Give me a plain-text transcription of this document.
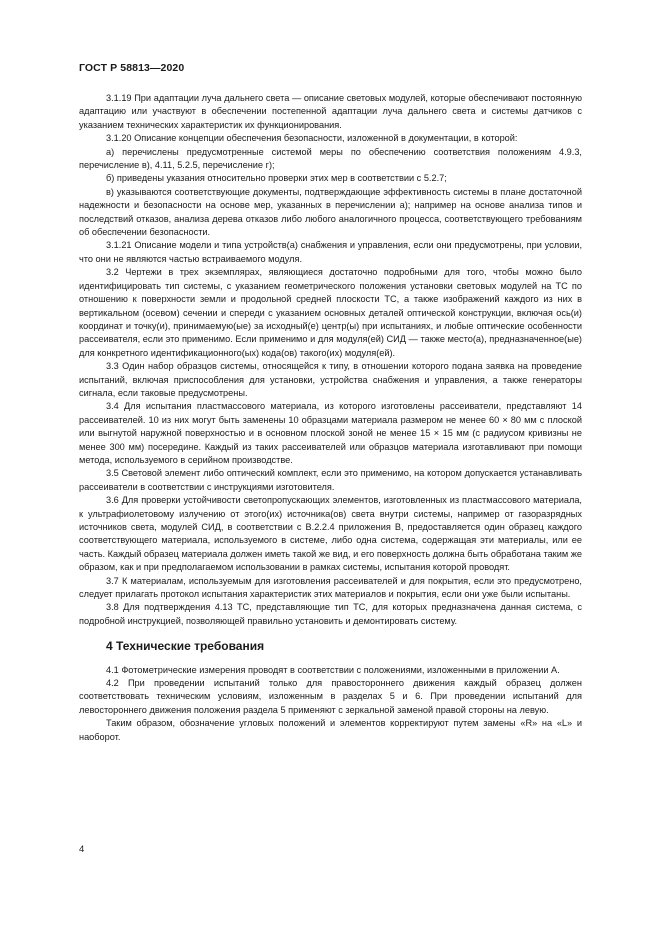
ГОСТ Р 58813—2020

3.1.19 При адаптации луча дальнего света — описание световых модулей, которые обеспечивают постоянную адаптацию или участвуют в обеспечении постепенной адаптации луча дальнего света и системы датчиков с указанием технических характеристик их функционирования.

3.1.20 Описание концепции обеспечения безопасности, изложенной в документации, в которой:

а) перечислены предусмотренные системой меры по обеспечению соответствия положениям 4.9.3, перечисление в), 4.11, 5.2.5, перечисление г);

б) приведены указания относительно проверки этих мер в соответствии с 5.2.7;

в) указываются соответствующие документы, подтверждающие эффективность системы в плане достаточной надежности и безопасности на основе мер, указанных в перечислении а); например на основе анализа типов и последствий отказов, анализа дерева отказов либо любого аналогичного процесса, соответствующего требованиям об обеспечении безопасности.

3.1.21 Описание модели и типа устройств(а) снабжения и управления, если они предусмотрены, при условии, что они не являются частью встраиваемого модуля.

3.2 Чертежи в трех экземплярах, являющиеся достаточно подробными для того, чтобы можно было идентифицировать тип системы, с указанием геометрического положения установки световых модулей на ТС по отношению к поверхности земли и продольной средней плоскости ТС, а также изображений каждого из них в вертикальном (осевом) сечении и спереди с указанием основных деталей оптической конструкции, включая ось(и) координат и точку(и), принимаемую(ые) за исходный(е) центр(ы) при испытаниях, и любые оптические особенности рассеивателя, если это применимо. Если применимо и для модуля(ей) СИД — также место(а), предназначенное(ые) для конкретного идентификационного(ых) кода(ов) такого(их) модуля(ей).

3.3 Один набор образцов системы, относящейся к типу, в отношении которого подана заявка на проведение испытаний, включая приспособления для установки, устройства снабжения и управления, а также генераторы сигнала, если таковые предусмотрены.

3.4 Для испытания пластмассового материала, из которого изготовлены рассеиватели, представляют 14 рассеивателей. 10 из них могут быть заменены 10 образцами материала размером не менее 60 × 80 мм с плоской или выгнутой наружной поверхностью и в основном плоской зоной не менее 15 × 15 мм (с радиусом кривизны не менее 300 мм) посередине. Каждый из таких рассеивателей или образцов материала изготавливают при помощи метода, используемого в серийном производстве.

3.5 Световой элемент либо оптический комплект, если это применимо, на котором допускается устанавливать рассеиватели в соответствии с инструкциями изготовителя.

3.6 Для проверки устойчивости светопропускающих элементов, изготовленных из пластмассового материала, к ультрафиолетовому излучению от этого(их) источника(ов) света внутри системы, например от газоразрядных источников света, модулей СИД, в соответствии с В.2.2.4 приложения В, предоставляется один образец каждого соответствующего материала, используемого в системе, либо одна система, содержащая эти материалы, или ее часть. Каждый образец материала должен иметь такой же вид, и его поверхность должна быть обработана таким же образом, как и при предполагаемом использовании в рамках системы, испытания которой проводят.

3.7 К материалам, используемым для изготовления рассеивателей и для покрытия, если это предусмотрено, следует прилагать протокол испытания характеристик этих материалов и покрытия, если они уже были испытаны.

3.8 Для подтверждения 4.13 ТС, представляющие тип ТС, для которых предназначена данная система, с подробной инструкцией, позволяющей правильно установить и демонтировать систему.

4 Технические требования

4.1 Фотометрические измерения проводят в соответствии с положениями, изложенными в приложении А.

4.2 При проведении испытаний только для правостороннего движения каждый образец должен соответствовать техническим условиям, изложенным в разделах 5 и 6. При проведении испытаний для левостороннего движения положения раздела 5 применяют с зеркальной заменой правой стороны на левую.

Таким образом, обозначение угловых положений и элементов корректируют путем замены «R» на «L» и наоборот.

4
